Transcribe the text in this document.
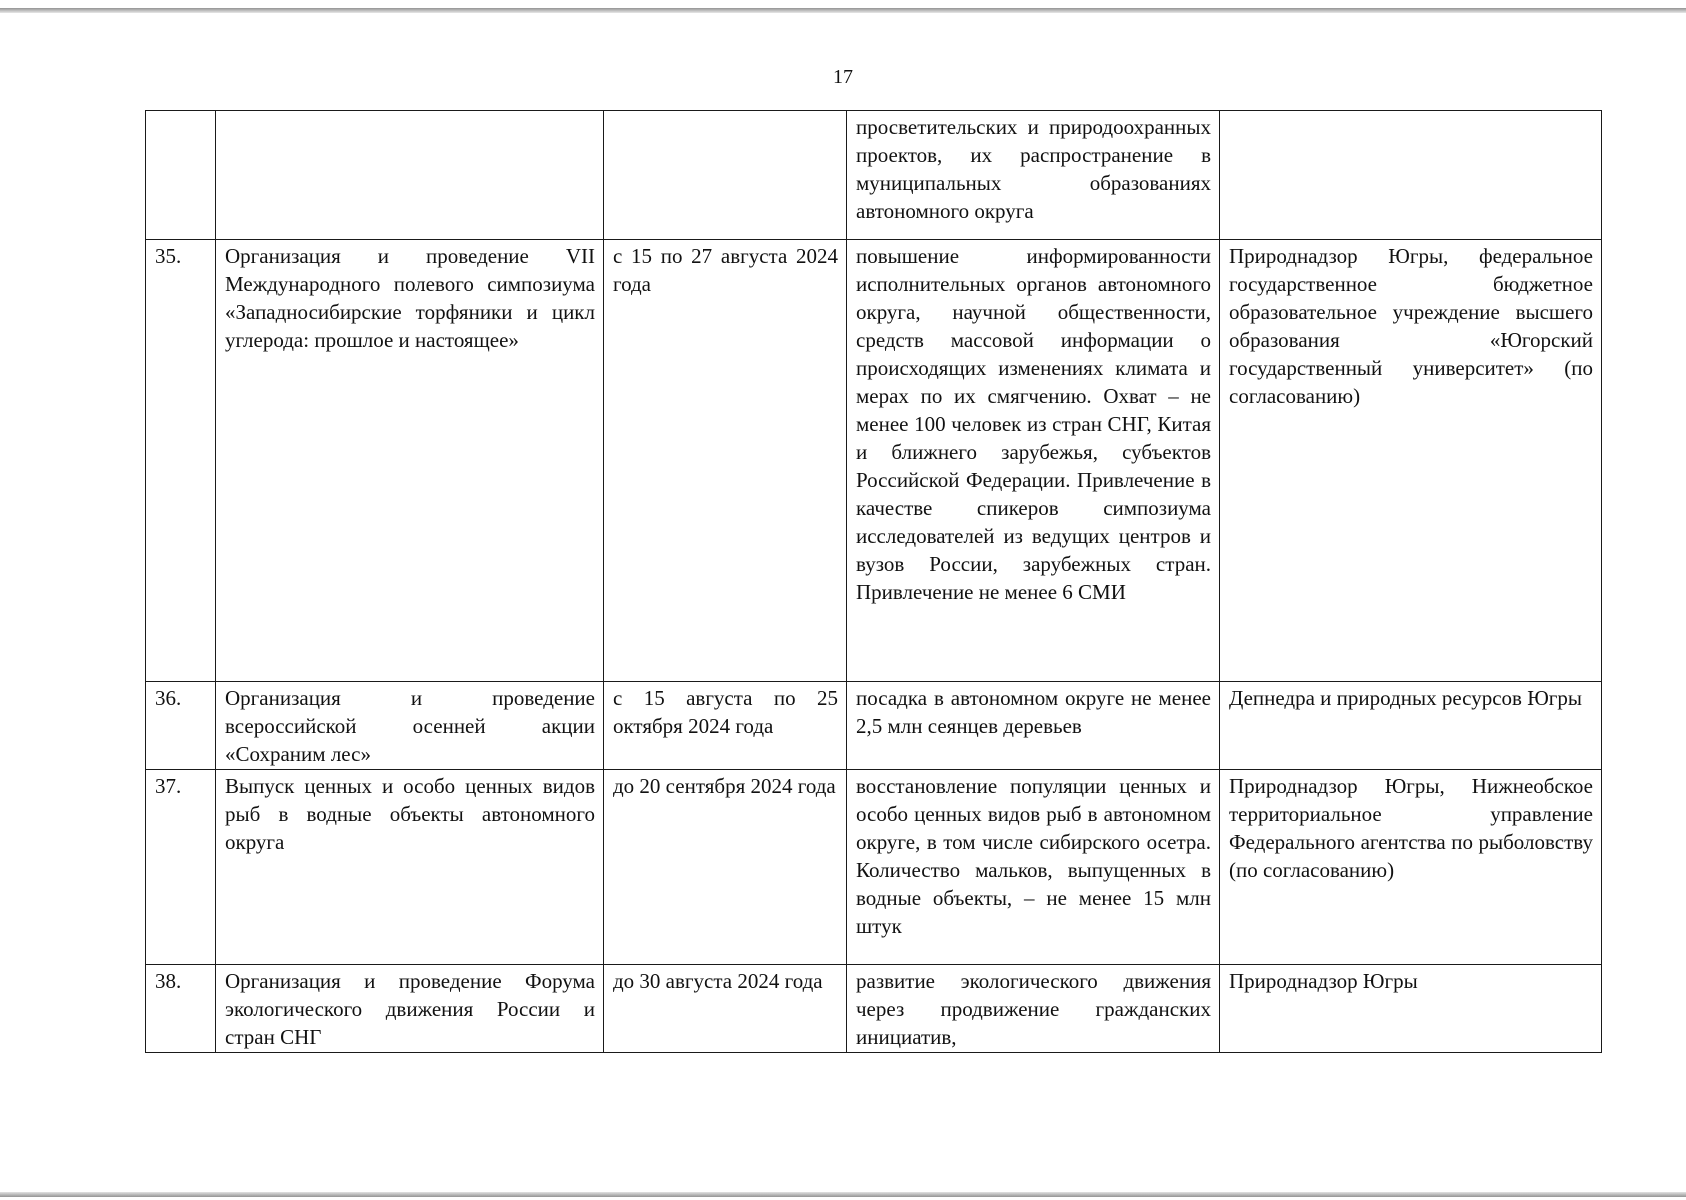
17
			просветительских и природоохранных проектов, их распространение в муниципальных образованиях автономного округа	
35.	Организация и проведение VII Международного полевого симпозиума «Западносибирские торфяники и цикл углерода: прошлое и настоящее»	с 15 по 27 августа 2024 года	повышение информированности исполнительных органов автономного округа, научной общественности, средств массовой информации о происходящих изменениях климата и мерах по их смягчению. Охват – не менее 100 человек из стран СНГ, Китая и ближнего зарубежья, субъектов Российской Федерации. Привлечение в качестве спикеров симпозиума исследователей из ведущих центров и вузов России, зарубежных стран. Привлечение не менее 6 СМИ	Природнадзор Югры, федеральное государственное бюджетное образовательное учреждение высшего образования «Югорский государственный университет» (по согласованию)
36.	Организация и проведение всероссийской осенней акции «Сохраним лес»	с 15 августа по 25 октября 2024 года	посадка в автономном округе не менее 2,5 млн сеянцев деревьев	Депнедра и природных ресурсов Югры
37.	Выпуск ценных и особо ценных видов рыб в водные объекты автономного округа	до 20 сентября 2024 года	восстановление популяции ценных и особо ценных видов рыб в автономном округе, в том числе сибирского осетра. Количество мальков, выпущенных в водные объекты, – не менее 15 млн штук	Природнадзор Югры, Нижнеобское территориальное управление Федерального агентства по рыболовству (по согласованию)
38.	Организация и проведение Форума экологического движения России и стран СНГ	до 30 августа 2024 года	развитие экологического движения через продвижение гражданских инициатив,	Природнадзор Югры
